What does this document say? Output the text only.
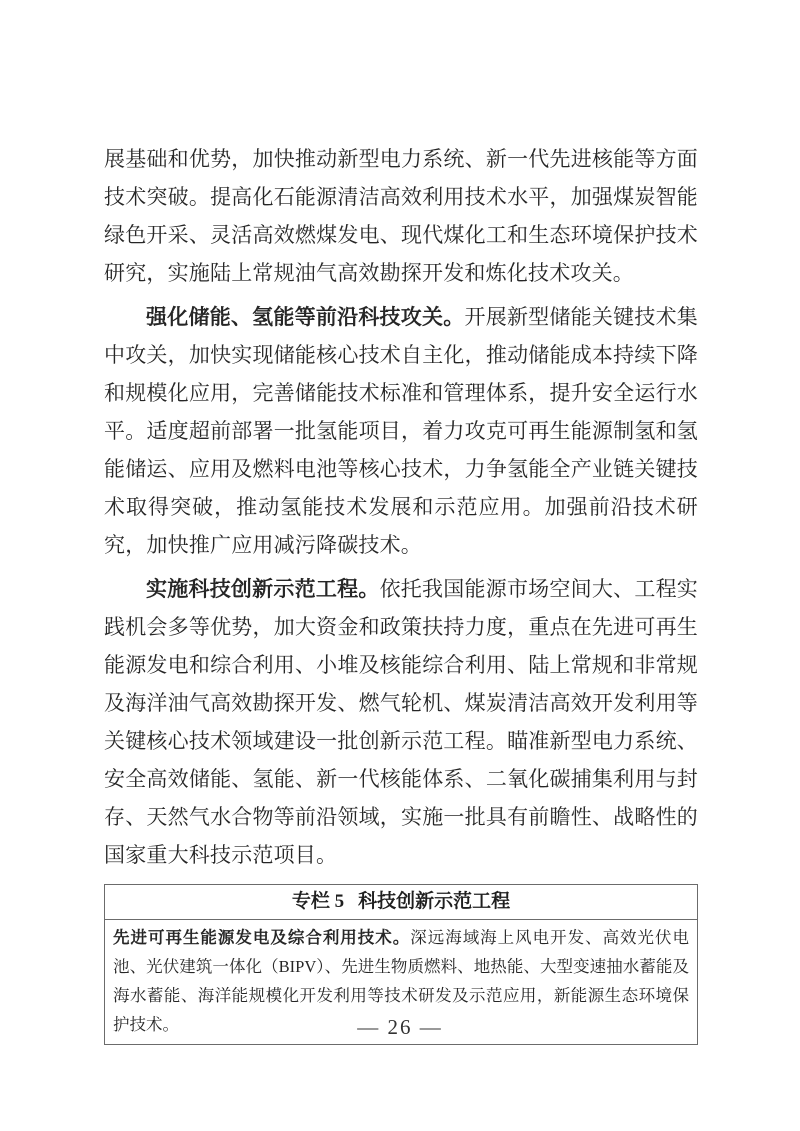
展基础和优势，加快推动新型电力系统、新一代先进核能等方面技术突破。提高化石能源清洁高效利用技术水平，加强煤炭智能绿色开采、灵活高效燃煤发电、现代煤化工和生态环境保护技术研究，实施陆上常规油气高效勘探开发和炼化技术攻关。

强化储能、氢能等前沿科技攻关。开展新型储能关键技术集中攻关，加快实现储能核心技术自主化，推动储能成本持续下降和规模化应用，完善储能技术标准和管理体系，提升安全运行水平。适度超前部署一批氢能项目，着力攻克可再生能源制氢和氢能储运、应用及燃料电池等核心技术，力争氢能全产业链关键技术取得突破，推动氢能技术发展和示范应用。加强前沿技术研究，加快推广应用减污降碳技术。

实施科技创新示范工程。依托我国能源市场空间大、工程实践机会多等优势，加大资金和政策扶持力度，重点在先进可再生能源发电和综合利用、小堆及核能综合利用、陆上常规和非常规及海洋油气高效勘探开发、燃气轮机、煤炭清洁高效开发利用等关键核心技术领域建设一批创新示范工程。瞄准新型电力系统、安全高效储能、氢能、新一代核能体系、二氧化碳捕集利用与封存、天然气水合物等前沿领域，实施一批具有前瞻性、战略性的国家重大科技示范项目。

专栏 5 科技创新示范工程

先进可再生能源发电及综合利用技术。深远海域海上风电开发、高效光伏电池、光伏建筑一体化（BIPV）、先进生物质燃料、地热能、大型变速抽水蓄能及海水蓄能、海洋能规模化开发利用等技术研发及示范应用，新能源生态环境保护技术。	— 26 —
